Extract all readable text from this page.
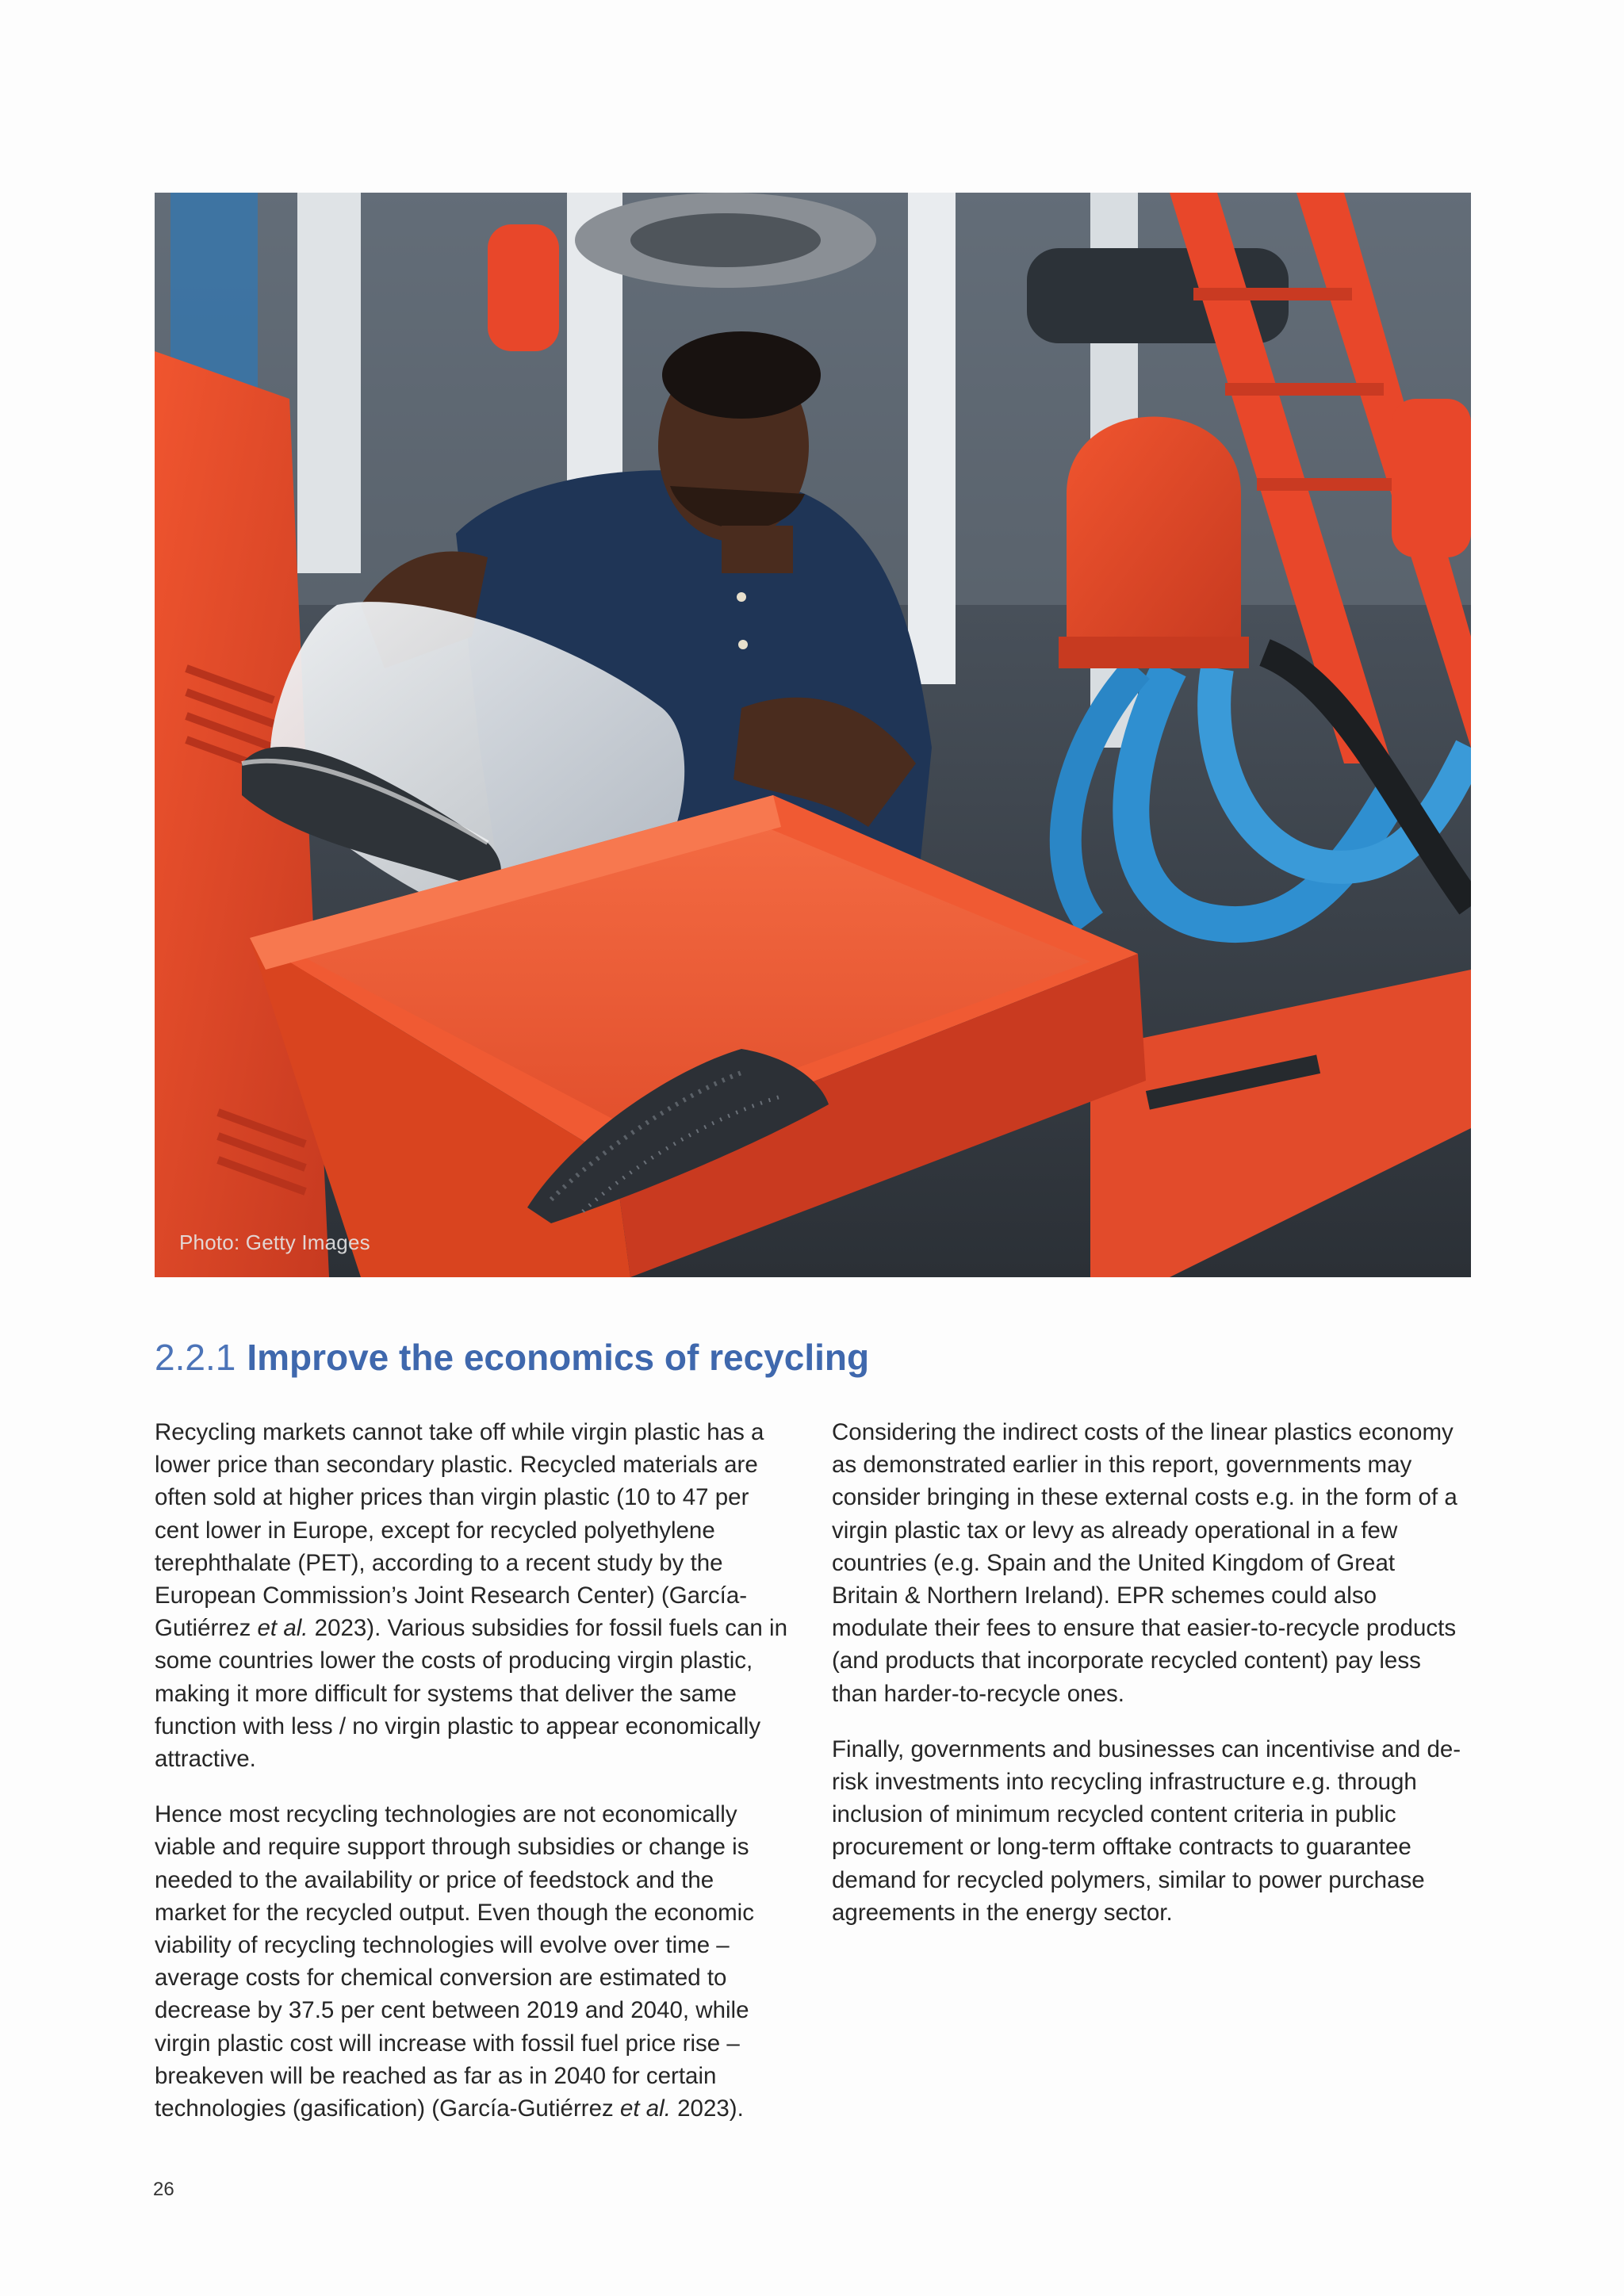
Photo: Getty Images
2.2.1 Improve the economics of recycling

Recycling markets cannot take off while virgin plastic has a lower price than secondary plastic. Recycled materials are often sold at higher prices than virgin plastic (10 to 47 per cent lower in Europe, except for recycled polyethylene terephthalate (PET), according to a recent study by the European Commission’s Joint Research Center) (García-Gutiérrez et al. 2023). Various subsidies for fossil fuels can in some countries lower the costs of producing virgin plastic, making it more difficult for systems that deliver the same function with less / no virgin plastic to appear economically attractive.

Hence most recycling technologies are not economically viable and require support through subsidies or change is needed to the availability or price of feedstock and the market for the recycled output. Even though the economic viability of recycling technologies will evolve over time – average costs for chemical conversion are estimated to decrease by 37.5 per cent between 2019 and 2040, while virgin plastic cost will increase with fossil fuel price rise – breakeven will be reached as far as in 2040 for certain technologies (gasification) (García-Gutiérrez et al. 2023).

Considering the indirect costs of the linear plastics economy as demonstrated earlier in this report, governments may consider bringing in these external costs e.g. in the form of a virgin plastic tax or levy as already operational in a few countries (e.g. Spain and the United Kingdom of Great Britain & Northern Ireland). EPR schemes could also modulate their fees to ensure that easier-to-recycle products (and products that incorporate recycled content) pay less than harder-to-recycle ones.

Finally, governments and businesses can incentivise and de-risk investments into recycling infrastructure e.g. through inclusion of minimum recycled content criteria in public procurement or long-term offtake contracts to guarantee demand for recycled polymers, similar to power purchase agreements in the energy sector.

26
